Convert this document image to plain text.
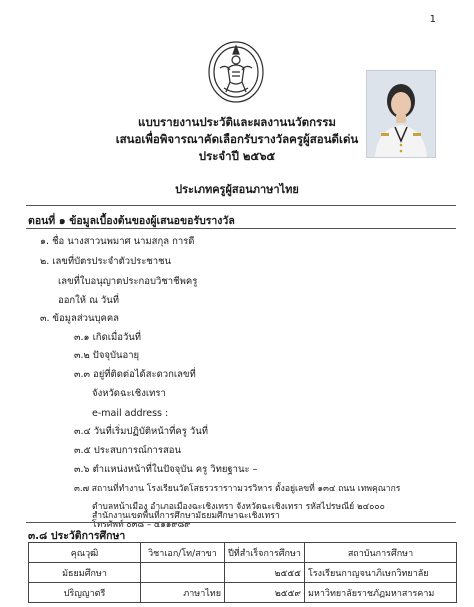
1
แบบรายงานประวัติและผลงานนวัตกรรม
เสนอเพื่อพิจารณาคัดเลือกรับรางวัลครูผู้สอนดีเด่น
ประจำปี ๒๕๖๕
ประเภทครูผู้สอนภาษาไทย
ตอนที่ ๑ ข้อมูลเบื้องต้นของผู้เสนอขอรับรางวัล
๑. ชื่อ นางสาวนพมาศ นามสกุล การดี
๒. เลขที่บัตรประจำตัวประชาชน
เลขที่ใบอนุญาตประกอบวิชาชีพครู
ออกให้ ณ วันที่
๓. ข้อมูลส่วนบุคคล
๓.๑ เกิดเมื่อวันที่
๓.๒ ปัจจุบันอายุ
๓.๓ อยู่ที่ติดต่อได้สะดวกเลขที่
จังหวัดฉะเชิงเทรา
e-mail address :
๓.๔ วันที่เริ่มปฏิบัติหน้าที่ครู วันที่
๓.๕ ประสบการณ์การสอน
๓.๖ ตำแหน่งหน้าที่ในปัจจุบัน ครู วิทยฐานะ –
๓.๗ สถานที่ทำงาน โรงเรียนวัดโสธรวราราามวรวิหาร ตั้งอยู่เลขที่ ๑๓๔ ถนน เทพคุณากร
ตำบลหน้าเมือง อำเภอเมืองฉะเชิงเทรา จังหวัดฉะเชิงเทรา รหัสไปรษณีย์ ๒๔๐๐๐
โทรศัพท์ ๐๓๘ – ๕๑๑๙๘๙
สำนักงานเขตพื้นที่การศึกษามัธยมศึกษาฉะเชิงเทรา
๓.๘ ประวัติการศึกษา
คุณวุฒิ	วิชาเอก/โท/สาขา	ปีที่สำเร็จการศึกษา	สถาบันการศึกษา
มัธยมศึกษา		๒๕๕๕	โรงเรียนกาญจนาภิเษกวิทยาลัย
ปริญญาตรี	ภาษาไทย	๒๕๕๙	มหาวิทยาลัยราชภัฏมหาสารคาม
